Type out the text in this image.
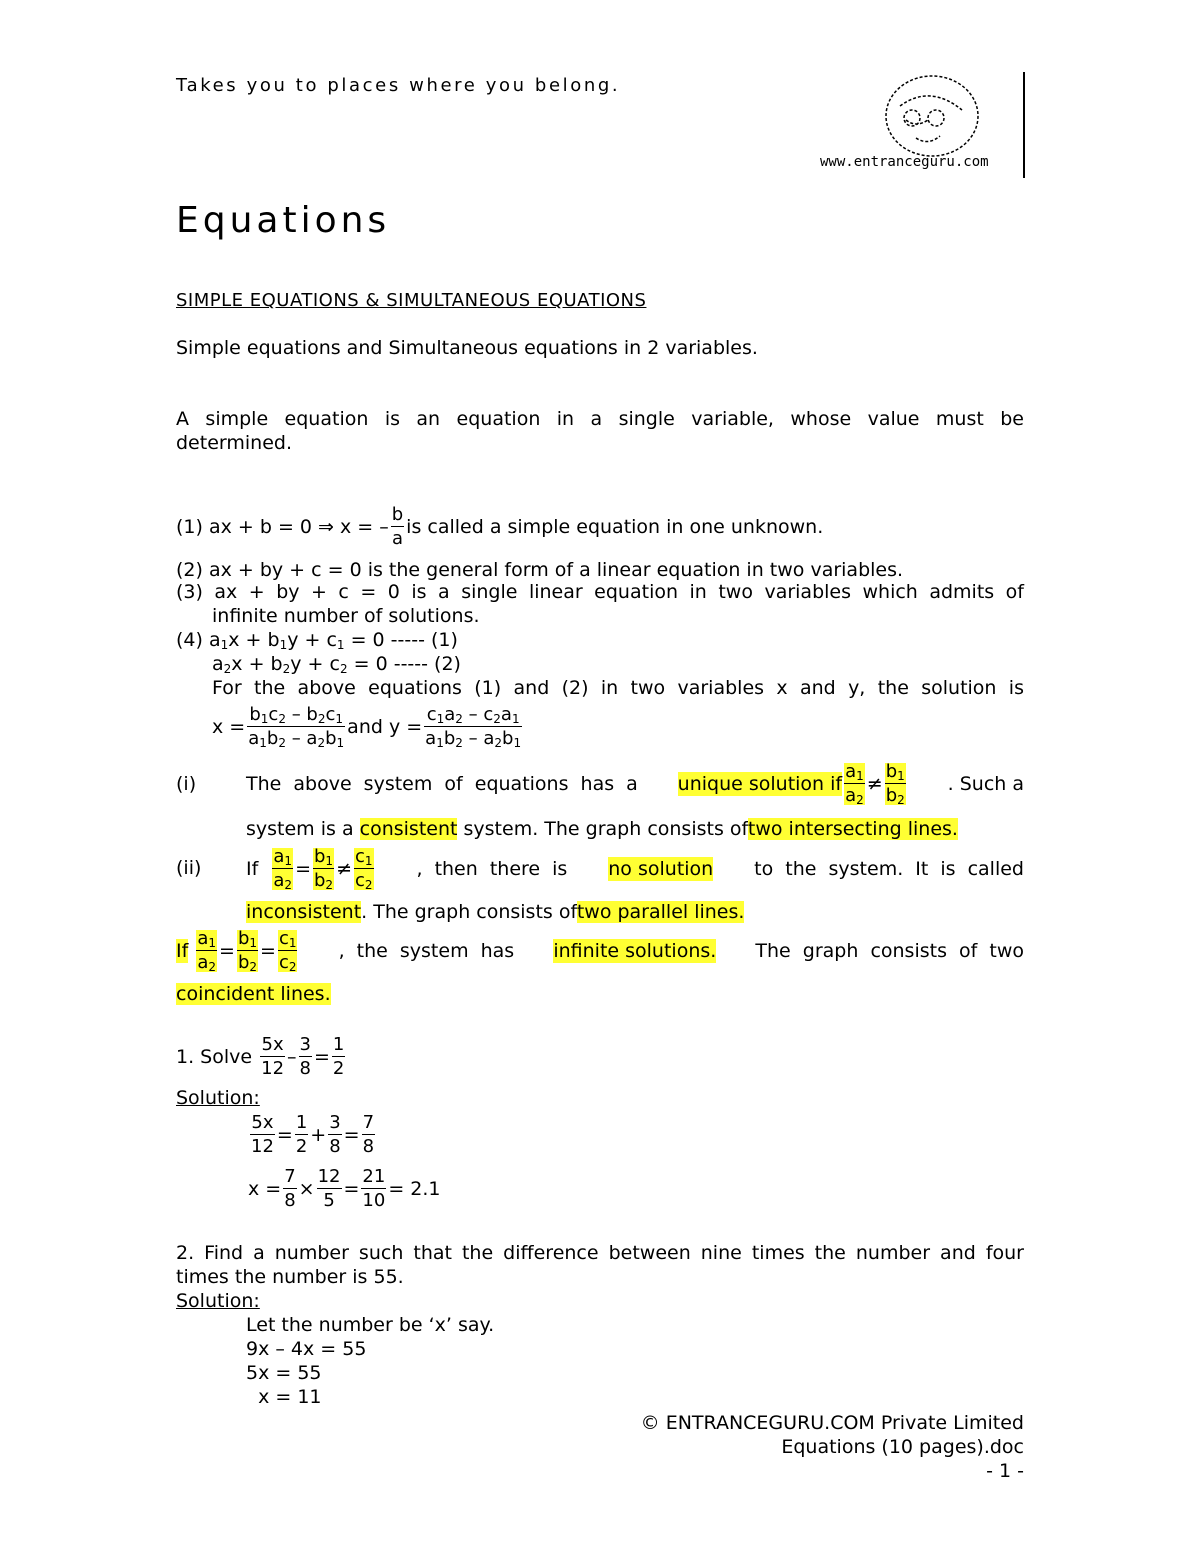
Takes you to places where you belong.
www.entranceguru.com
Equations
SIMPLE EQUATIONS & SIMULTANEOUS EQUATIONS
Simple equations and Simultaneous equations in 2 variables.
A simple equation is an equation in a single variable, whose value must be
determined.
(1) ax + b = 0 ⇒ x = – $\frac{b}{a}$ is called a simple equation in one unknown.
(2) ax + by + c = 0 is the general form of a linear equation in two variables.
(3) ax + by + c = 0 is a single linear equation in two variables which admits of
infinite number of solutions.
(4) $a_1x + b_1y + c_1 = 0$ ----- (1)
$a_2x + b_2y + c_2 = 0$ ----- (2)
For the above equations (1) and (2) in two variables x and y, the solution is
$x = \frac{b_1c_2 - b_2c_1}{a_1b_2 - a_2b_1}$ and $y = \frac{c_1a_2 - c_2a_1}{a_1b_2 - a_2b_1}$
(i)	The above system of equations has a unique solution if $\frac{a_1}{a_2} \ne \frac{b_1}{b_2}$ . Such a
system is a consistent system. The graph consists oftwo intersecting lines.
(ii) If
$\frac{a_1}{a_2} = \frac{b_1}{b_2} \ne \frac{c_1}{c_2}$ , then there is no solution to the system. It is called
inconsistent. The graph consists oftwo parallel lines.
If
$\frac{a_1}{a_2} = \frac{b_1}{b_2} = \frac{c_1}{c_2}$ , the system has infinite solutions. The graph consists of two
coincident lines.
1. Solve
$\frac{5x}{12} - \frac{3}{8} = \frac{1}{2}$
Solution:
$\frac{5x}{12} = \frac{1}{2} + \frac{3}{8} = \frac{7}{8}$
$x = \frac{7}{8} \times \frac{12}{5} = \frac{21}{10} = 2.1$
2. Find a number such that the difference between nine times the number and four
times the number is 55.
Solution:
Let the number be ‘x’ say.
9x – 4x = 55
5x = 55
x = 11
© ENTRANCEGURU.COM Private Limited
Equations (10 pages).doc
- 1 -
